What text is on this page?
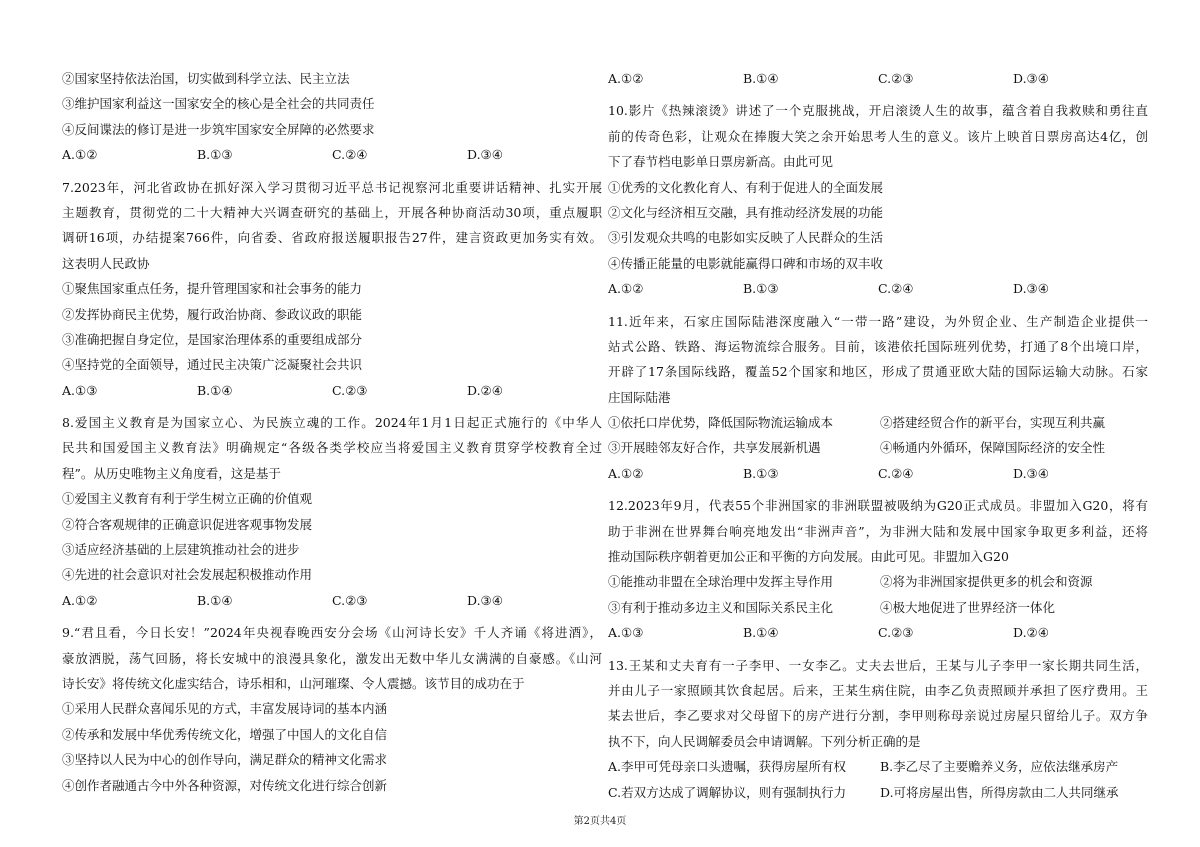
②国家坚持依法治国，切实做到科学立法、民主立法
③维护国家利益这一国家安全的核心是全社会的共同责任
④反间谍法的修订是进一步筑牢国家安全屏障的必然要求
A.①②	B.①③	C.②④	D.③④
7.2023年，河北省政协在抓好深入学习贯彻习近平总书记视察河北重要讲话精神、扎实开展
主题教育，贯彻党的二十大精神大兴调查研究的基础上，开展各种协商活动30项，重点履职
调研16项，办结提案766件，向省委、省政府报送履职报告27件，建言资政更加务实有效。
这表明人民政协
①聚焦国家重点任务，提升管理国家和社会事务的能力
②发挥协商民主优势，履行政治协商、参政议政的职能
③准确把握自身定位，是国家治理体系的重要组成部分
④坚持党的全面领导，通过民主决策广泛凝聚社会共识
A.①③	B.①④	C.②③	D.②④
8.爱国主义教育是为国家立心、为民族立魂的工作。2024年1月1日起正式施行的《中华人
民共和国爱国主义教育法》明确规定“各级各类学校应当将爱国主义教育贯穿学校教育全过
程”。从历史唯物主义角度看，这是基于
①爱国主义教育有利于学生树立正确的价值观
②符合客观规律的正确意识促进客观事物发展
③适应经济基础的上层建筑推动社会的进步
④先进的社会意识对社会发展起积极推动作用
A.①②	B.①④	C.②③	D.③④
9.“君且看，今日长安！”2024年央视春晚西安分会场《山河诗长安》千人齐诵《将进酒》，
豪放洒脱，荡气回肠，将长安城中的浪漫具象化，激发出无数中华儿女满满的自豪感。《山河
诗长安》将传统文化虚实结合，诗乐相和，山河璀璨、令人震撼。该节目的成功在于
①采用人民群众喜闻乐见的方式，丰富发展诗词的基本内涵
②传承和发展中华优秀传统文化，增强了中国人的文化自信
③坚持以人民为中心的创作导向，满足群众的精神文化需求
④创作者融通古今中外各种资源，对传统文化进行综合创新
A.①②	B.①④	C.②③	D.③④
10.影片《热辣滚烫》讲述了一个克服挑战，开启滚烫人生的故事，蕴含着自我救赎和勇往直
前的传奇色彩，让观众在捧腹大笑之余开始思考人生的意义。该片上映首日票房高达4亿，创
下了春节档电影单日票房新高。由此可见
①优秀的文化教化育人、有利于促进人的全面发展
②文化与经济相互交融，具有推动经济发展的功能
③引发观众共鸣的电影如实反映了人民群众的生活
④传播正能量的电影就能赢得口碑和市场的双丰收
A.①②	B.①③	C.②④	D.③④
11.近年来，石家庄国际陆港深度融入“一带一路”建设，为外贸企业、生产制造企业提供一
站式公路、铁路、海运物流综合服务。目前，该港依托国际班列优势，打通了8个出境口岸，
开辟了17条国际线路，覆盖52个国家和地区，形成了贯通亚欧大陆的国际运输大动脉。石家
庄国际陆港
①依托口岸优势，降低国际物流运输成本	②搭建经贸合作的新平台，实现互利共赢
③开展睦邻友好合作，共享发展新机遇	④畅通内外循环，保障国际经济的安全性
A.①②	B.①③	C.②④	D.③④
12.2023年9月，代表55个非洲国家的非洲联盟被吸纳为G20正式成员。非盟加入G20，将有
助于非洲在世界舞台响亮地发出“非洲声音”，为非洲大陆和发展中国家争取更多利益，还将
推动国际秩序朝着更加公正和平衡的方向发展。由此可见。非盟加入G20
①能推动非盟在全球治理中发挥主导作用	②将为非洲国家提供更多的机会和资源
③有利于推动多边主义和国际关系民主化	④极大地促进了世界经济一体化
A.①③	B.①④	C.②③	D.②④
13.王某和丈夫育有一子李甲、一女李乙。丈夫去世后，王某与儿子李甲一家长期共同生活，
并由儿子一家照顾其饮食起居。后来，王某生病住院，由李乙负责照顾并承担了医疗费用。王
某去世后，李乙要求对父母留下的房产进行分割，李甲则称母亲说过房屋只留给儿子。双方争
执不下，向人民调解委员会申请调解。下列分析正确的是
A.李甲可凭母亲口头遗嘱，获得房屋所有权	B.李乙尽了主要赡养义务，应依法继承房产
C.若双方达成了调解协议，则有强制执行力	D.可将房屋出售，所得房款由二人共同继承
第2页共4页
